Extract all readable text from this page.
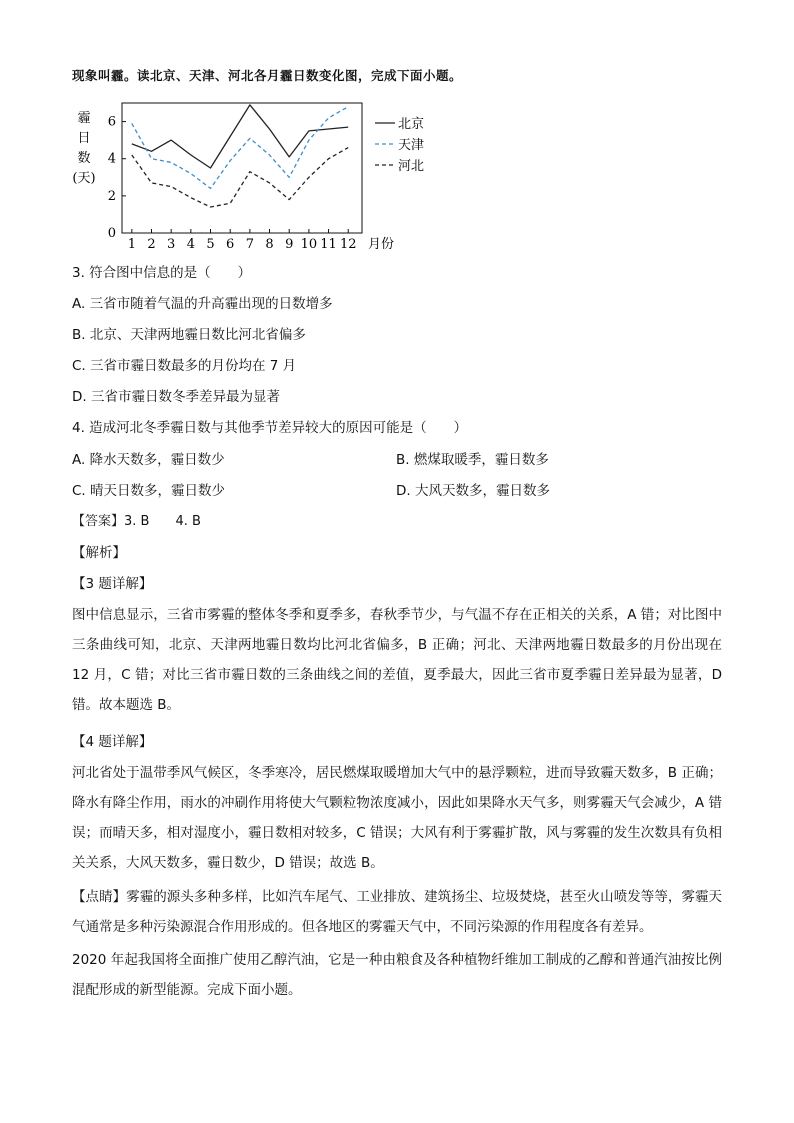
现象叫霾。读北京、天津、河北各月霾日数变化图，完成下面小题。
霾
日
数
(天)
0
2
4
6
1 2 3 4 5 6 7 8 9 10 11 12 月份
北京
天津
河北
3. 符合图中信息的是（　　）
A. 三省市随着气温的升高霾出现的日数增多
B. 北京、天津两地霾日数比河北省偏多
C. 三省市霾日数最多的月份均在 7 月
D. 三省市霾日数冬季差异最为显著
4. 造成河北冬季霾日数与其他季节差异较大的原因可能是（　　）
A. 降水天数多，霾日数少	B. 燃煤取暖季，霾日数多
C. 晴天日数多，霾日数少	D. 大风天数多，霾日数多
【答案】3. B　　4. B
【解析】
【3 题详解】
图中信息显示，三省市雾霾的整体冬季和夏季多，春秋季节少，与气温不存在正相关的关系，A 错；对比图中三条曲线可知，北京、天津两地霾日数均比河北省偏多，B 正确；河北、天津两地霾日数最多的月份出现在 12 月，C 错；对比三省市霾日数的三条曲线之间的差值，夏季最大，因此三省市夏季霾日差异最为显著，D 错。故本题选 B。
【4 题详解】
河北省处于温带季风气候区，冬季寒冷，居民燃煤取暖增加大气中的悬浮颗粒，进而导致霾天数多，B 正确；降水有降尘作用，雨水的冲刷作用将使大气颗粒物浓度减小，因此如果降水天气多，则雾霾天气会减少，A 错误；而晴天多，相对湿度小，霾日数相对较多，C 错误；大风有利于雾霾扩散，风与雾霾的发生次数具有负相关关系，大风天数多，霾日数少，D 错误；故选 B。
【点睛】雾霾的源头多种多样，比如汽车尾气、工业排放、建筑扬尘、垃圾焚烧，甚至火山喷发等等，雾霾天气通常是多种污染源混合作用形成的。但各地区的雾霾天气中，不同污染源的作用程度各有差异。
2020 年起我国将全面推广使用乙醇汽油，它是一种由粮食及各种植物纤维加工制成的乙醇和普通汽油按比例混配形成的新型能源。完成下面小题。
